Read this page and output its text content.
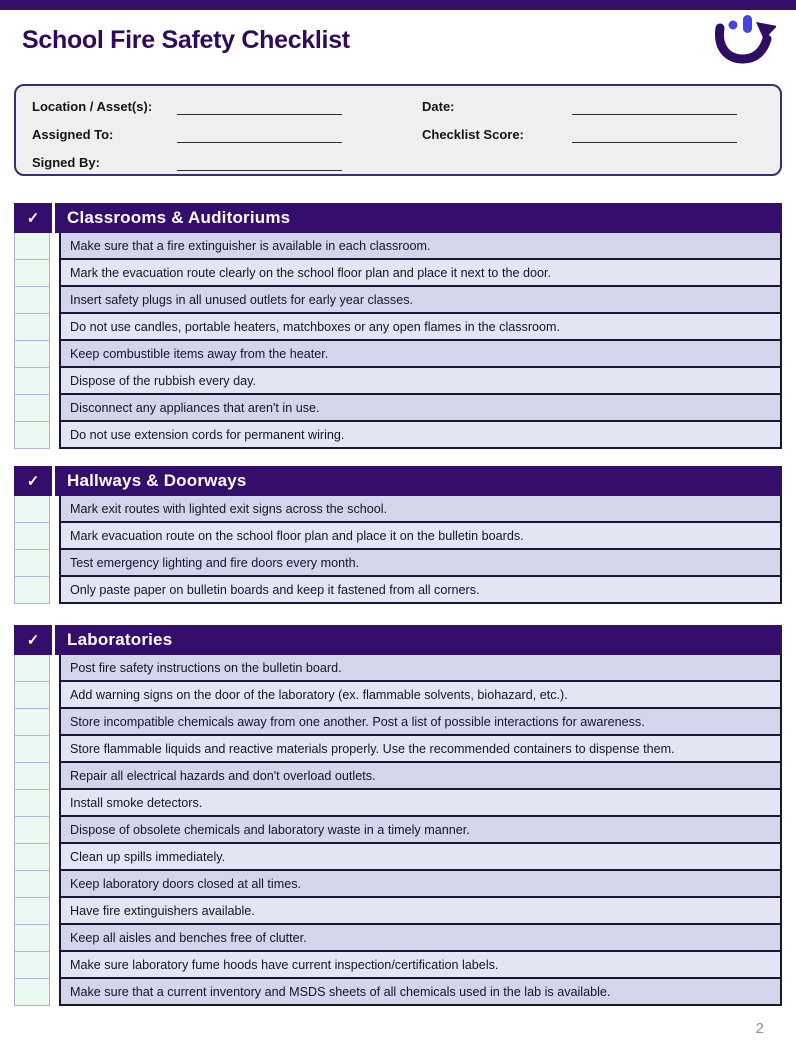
School Fire Safety Checklist
Location / Asset(s):	Date:
Assigned To:	Checklist Score:
Signed By:
✓	Classrooms & Auditoriums
Make sure that a fire extinguisher is available in each classroom.
Mark the evacuation route clearly on the school floor plan and place it next to the door.
Insert safety plugs in all unused outlets for early year classes.
Do not use candles, portable heaters, matchboxes or any open flames in the classroom.
Keep combustible items away from the heater.
Dispose of the rubbish every day.
Disconnect any appliances that aren't in use.
Do not use extension cords for permanent wiring.
✓	Hallways & Doorways
Mark exit routes with lighted exit signs across the school.
Mark evacuation route on the school floor plan and place it on the bulletin boards.
Test emergency lighting and fire doors every month.
Only paste paper on bulletin boards and keep it fastened from all corners.
✓	Laboratories
Post fire safety instructions on the bulletin board.
Add warning signs on the door of the laboratory (ex. flammable solvents, biohazard, etc.).
Store incompatible chemicals away from one another. Post a list of possible interactions for awareness.
Store flammable liquids and reactive materials properly. Use the recommended containers to dispense them.
Repair all electrical hazards and don't overload outlets.
Install smoke detectors.
Dispose of obsolete chemicals and laboratory waste in a timely manner.
Clean up spills immediately.
Keep laboratory doors closed at all times.
Have fire extinguishers available.
Keep all aisles and benches free of clutter.
Make sure laboratory fume hoods have current inspection/certification labels.
Make sure that a current inventory and MSDS sheets of all chemicals used in the lab is available.
2
